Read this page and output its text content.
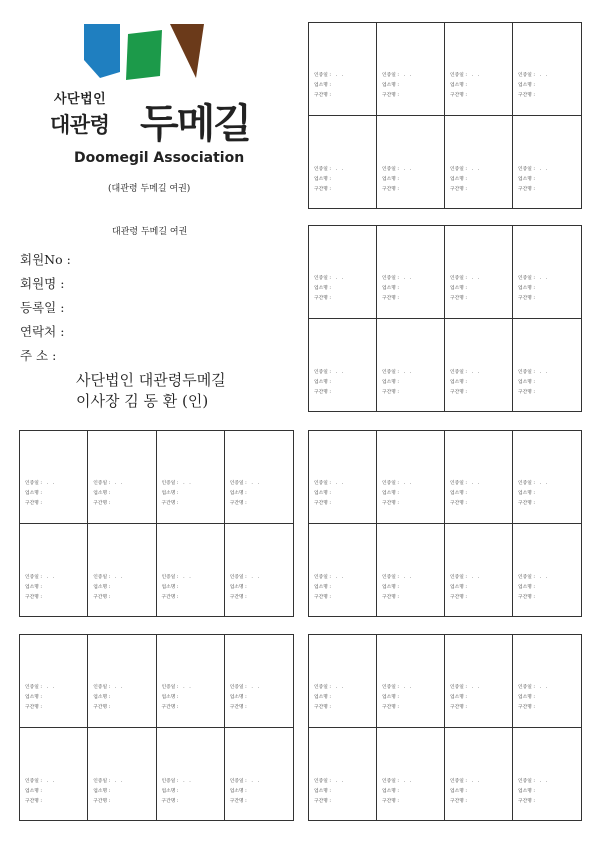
사단법인
대관령 두메길
Doomegil Association
(대관령 두메길 여권)
대관령 두메길 여권
회원No :
회원명 :
등록일 :
연락처 :
주 소 :
사단법인 대관령두메길
이사장 김 동 환 (인)
인증일 :   .   .
업소명 :
구간명 :
인증일 :   .   .
업소명 :
구간명 :
인증일 :   .   .
업소명 :
구간명 :
인증일 :   .   .
업소명 :
구간명 :
인증일 :   .   .
업소명 :
구간명 :
인증일 :   .   .
업소명 :
구간명 :
인증일 :   .   .
업소명 :
구간명 :
인증일 :   .   .
업소명 :
구간명 :
인증일 :   .   .
업소명 :
구간명 :
인증일 :   .   .
업소명 :
구간명 :
인증일 :   .   .
업소명 :
구간명 :
인증일 :   .   .
업소명 :
구간명 :
인증일 :   .   .
업소명 :
구간명 :
인증일 :   .   .
업소명 :
구간명 :
인증일 :   .   .
업소명 :
구간명 :
인증일 :   .   .
업소명 :
구간명 :
인증일 :   .   .
업소명 :
구간명 :
인증일 :   .   .
업소명 :
구간명 :
인증일 :   .   .
업소명 :
구간명 :
인증일 :   .   .
업소명 :
구간명 :
인증일 :   .   .
업소명 :
구간명 :
인증일 :   .   .
업소명 :
구간명 :
인증일 :   .   .
업소명 :
구간명 :
인증일 :   .   .
업소명 :
구간명 :
인증일 :   .   .
업소명 :
구간명 :
인증일 :   .   .
업소명 :
구간명 :
인증일 :   .   .
업소명 :
구간명 :
인증일 :   .   .
업소명 :
구간명 :
인증일 :   .   .
업소명 :
구간명 :
인증일 :   .   .
업소명 :
구간명 :
인증일 :   .   .
업소명 :
구간명 :
인증일 :   .   .
업소명 :
구간명 :
인증일 :   .   .
업소명 :
구간명 :
인증일 :   .   .
업소명 :
구간명 :
인증일 :   .   .
업소명 :
구간명 :
인증일 :   .   .
업소명 :
구간명 :
인증일 :   .   .
업소명 :
구간명 :
인증일 :   .   .
업소명 :
구간명 :
인증일 :   .   .
업소명 :
구간명 :
인증일 :   .   .
업소명 :
구간명 :
인증일 :   .   .
업소명 :
구간명 :
인증일 :   .   .
업소명 :
구간명 :
인증일 :   .   .
업소명 :
구간명 :
인증일 :   .   .
업소명 :
구간명 :
인증일 :   .   .
업소명 :
구간명 :
인증일 :   .   .
업소명 :
구간명 :
인증일 :   .   .
업소명 :
구간명 :
인증일 :   .   .
업소명 :
구간명 :
